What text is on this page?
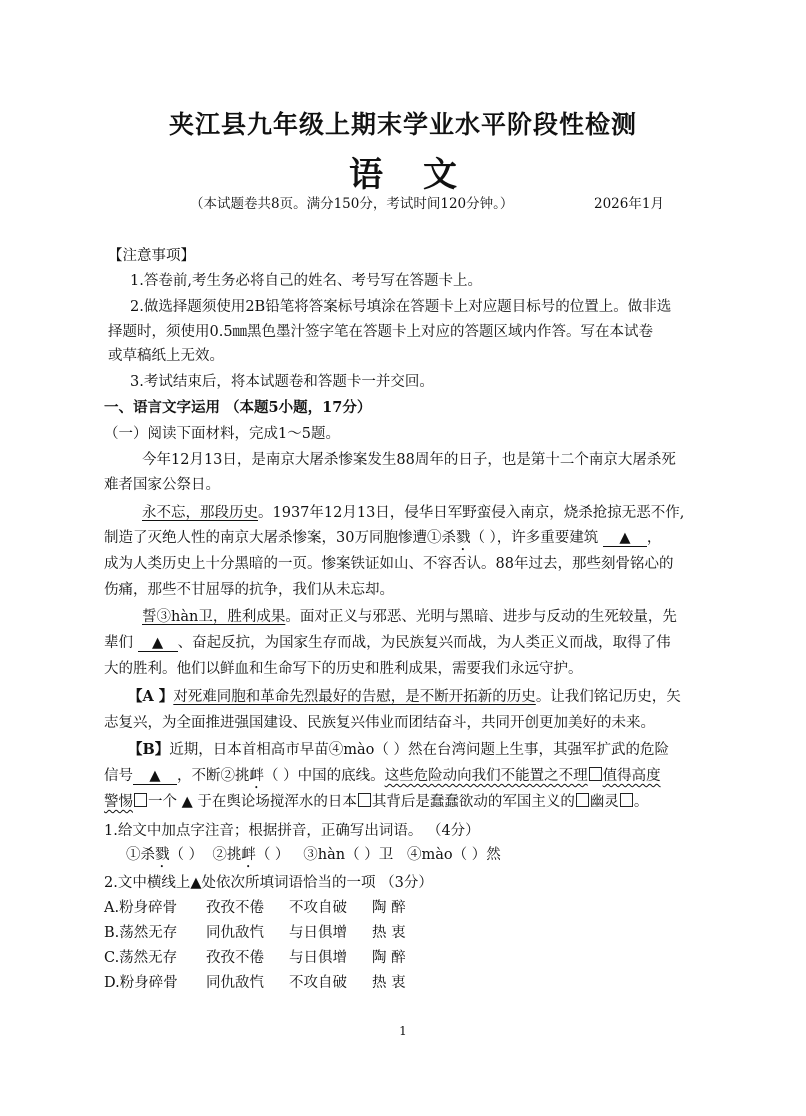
夹江县九年级上期末学业水平阶段性检测
语文
（本试题卷共8页。满分150分，考试时间120分钟。）	2026年1月
【注意事项】
1.答卷前,考生务必将自己的姓名、考号写在答题卡上。
2.做选择题须使用2B铅笔将答案标号填涂在答题卡上对应题目标号的位置上。做非选
择题时，须使用0.5㎜黑色墨汁签字笔在答题卡上对应的答题区域内作答。写在本试卷
或草稿纸上无效。
3.考试结束后，将本试题卷和答题卡一并交回。
一、语言文字运用 （本题5小题，17分）
（一）阅读下面材料，完成1～5题。
今年12月13日，是南京大屠杀惨案发生88周年的日子，也是第十二个南京大屠杀死
难者国家公祭日。
永不忘，那段历史。1937年12月13日，侵华日军野蛮侵入南京，烧杀抢掠无恶不作,
制造了灭绝人性的南京大屠杀惨案，30万同胞惨遭①杀戮（ ），许多重要建筑 ▲ ，
成为人类历史上十分黑暗的一页。惨案铁证如山、不容否认。88年过去，那些刻骨铭心的
伤痛，那些不甘屈辱的抗争，我们从未忘却。
誓③hàn卫，胜利成果。面对正义与邪恶、光明与黑暗、进步与反动的生死较量，先
辈们 ▲ 、奋起反抗，为国家生存而战，为民族复兴而战，为人类正义而战，取得了伟
大的胜利。他们以鲜血和生命写下的历史和胜利成果，需要我们永远守护。
【A 】对死难同胞和革命先烈最好的告慰，是不断开拓新的历史。让我们铭记历史，矢
志复兴，为全面推进强国建设、民族复兴伟业而团结奋斗，共同开创更加美好的未来。
【B】近期，日本首相高市早苗④màо（ ）然在台湾问题上生事，其强军扩武的危险
信号 ▲ ，不断②挑衅（ ）中国的底线。这些危险动向我们不能置之不理 值得高度
警惕 一个 ▲ 于在舆论场搅浑水的日本 其背后是蠢蠢欲动的军国主义的 幽灵 。
1.给文中加点字注音；根据拼音，正确写出词语。 （4分）
①杀戮（ ） ②挑衅（ ） ③hàn（ ）卫 ④màо（ ）然
2.文中横线上▲处依次所填词语恰当的一项 （3分）
A.粉身碎骨 孜孜不倦 不攻自破 陶 醉
B.荡然无存 同仇敌忾 与日俱增 热 衷
C.荡然无存 孜孜不倦 与日俱增 陶 醉
D.粉身碎骨 同仇敌忾 不攻自破 热 衷
1
